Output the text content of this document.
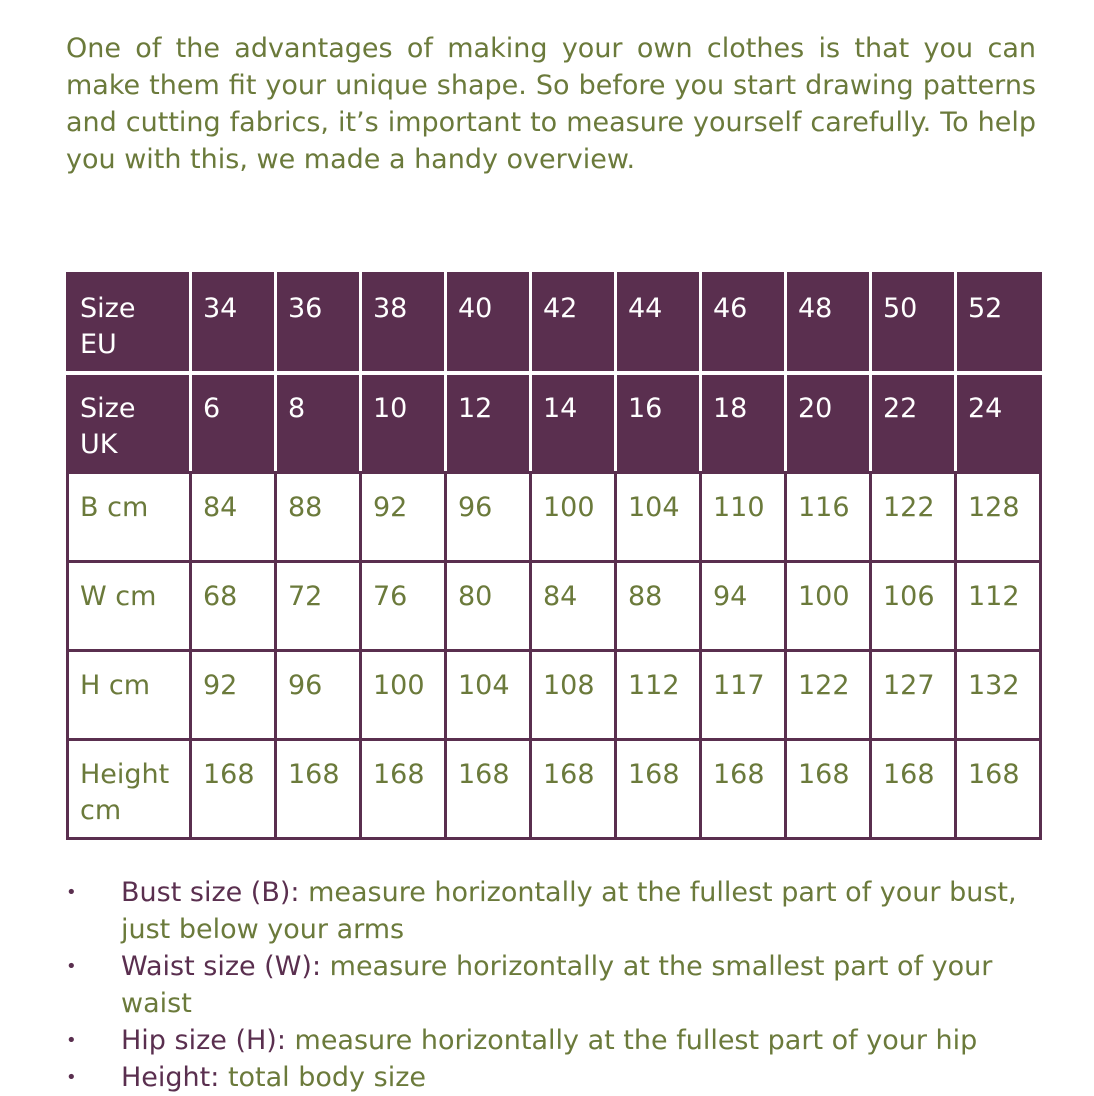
One of the advantages of making your own clothes is that you can make them fit your unique shape. So before you start drawing patterns and cutting fabrics, it’s important to measure yourself carefully. To help you with this, we made a handy overview.

Size EU	34	36	38	40	42	44	46	48	50	52
Size UK	6	8	10	12	14	16	18	20	22	24
B cm	84	88	92	96	100	104	110	116	122	128
W cm	68	72	76	80	84	88	94	100	106	112
H cm	92	96	100	104	108	112	117	122	127	132
Height cm	168	168	168	168	168	168	168	168	168	168
• Bust size (B): measure horizontally at the fullest part of your bust, just below your arms
• Waist size (W): measure horizontally at the smallest part of your waist
• Hip size (H): measure horizontally at the fullest part of your hip
• Height: total body size
